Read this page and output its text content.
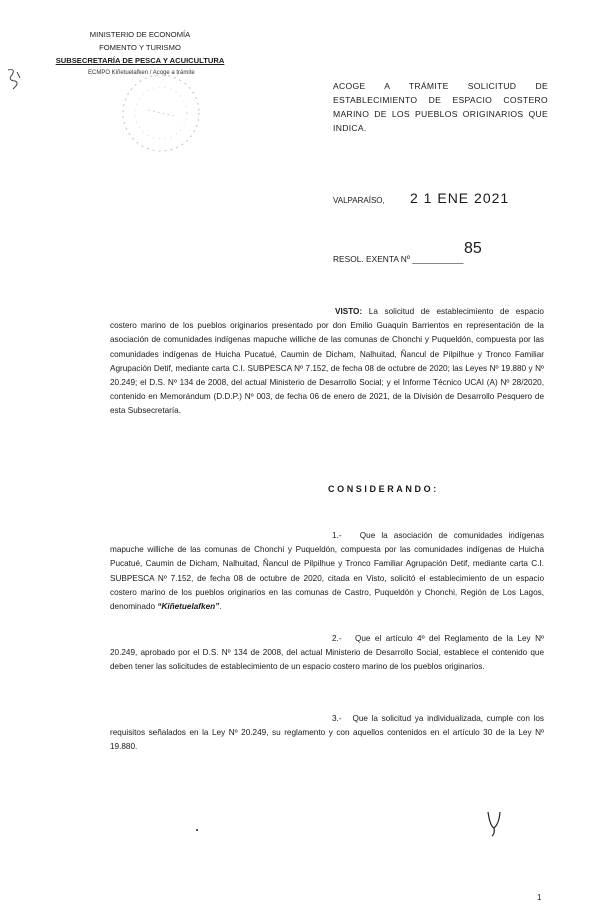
MINISTERIO DE ECONOMÍA
FOMENTO Y TURISMO
SUBSECRETARÍA DE PESCA Y ACUICULTURA
ECMPO Kiñetuelafken / Acoge a trámite
ACOGE A TRÁMITE SOLICITUD DE ESTABLECIMIENTO DE ESPACIO COSTERO MARINO DE LOS PUEBLOS ORIGINARIOS QUE INDICA.
VALPARAÍSO, 2 1 ENE 2021
RESOL. EXENTA Nº ___________
85
VISTO: La solicitud de establecimiento de espacio costero marino de los pueblos originarios presentado por don Emilio Guaquín Barrientos en representación de la asociación de comunidades indígenas mapuche williche de las comunas de Chonchi y Puqueldón, compuesta por las comunidades indígenas de Huicha Pucatué, Caumin de Dicham, Nalhuitad, Ñancul de Pilpilhue y Tronco Familiar Agrupación Detif, mediante carta C.I. SUBPESCA Nº 7.152, de fecha 08 de octubre de 2020; las Leyes Nº 19.880 y Nº 20.249; el D.S. Nº 134 de 2008, del actual Ministerio de Desarrollo Social; y el Informe Técnico UCAI (A) Nº 28/2020, contenido en Memorándum (D.D.P.) Nº 003, de fecha 06 de enero de 2021, de la División de Desarrollo Pesquero de esta Subsecretaría.
CONSIDERANDO:
1.- Que la asociación de comunidades indígenas mapuche williche de las comunas de Chonchi y Puqueldón, compuesta por las comunidades indígenas de Huicha Pucatué, Caumin de Dicham, Nalhuitad, Ñancul de Pilpilhue y Tronco Familiar Agrupación Detif, mediante carta C.I. SUBPESCA Nº 7.152, de fecha 08 de octubre de 2020, citada en Visto, solicitó el establecimiento de un espacio costero marino de los pueblos originarios en las comunas de Castro, Puqueldón y Chonchi, Región de Los Lagos, denominado “Kiñetuelafken”.
2.- Que el artículo 4º del Reglamento de la Ley Nº 20.249, aprobado por el D.S. Nº 134 de 2008, del actual Ministerio de Desarrollo Social, establece el contenido que deben tener las solicitudes de establecimiento de un espacio costero marino de los pueblos originarios.
3.- Que la solicitud ya individualizada, cumple con los requisitos señalados en la Ley Nº 20.249, su reglamento y con aquellos contenidos en el artículo 30 de la Ley Nº 19.880.
1
